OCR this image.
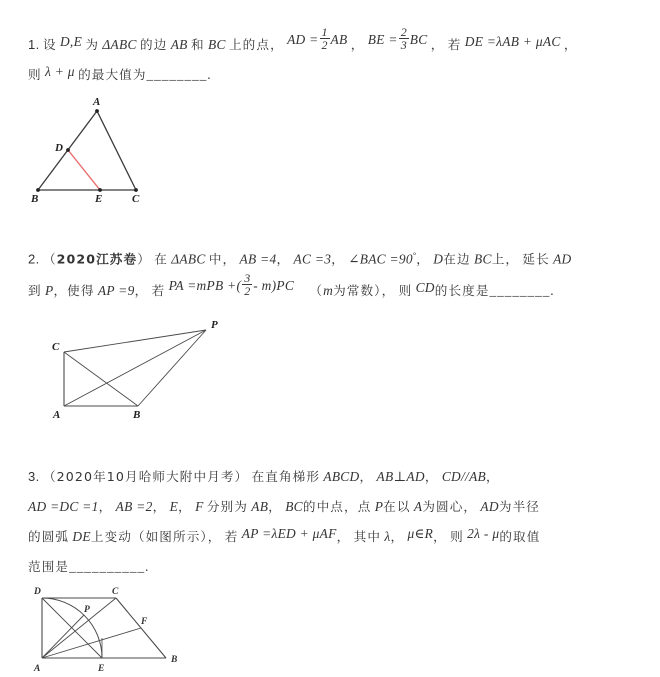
1. 设 D,E 为 ΔABC 的边 AB 和 BC 上的点， AD = $\frac{1}{2}$ AB ， BE = $\frac{2}{3}$ BC ， 若 DE =λAB + μAC ，
则 λ + μ 的最大值为________.
A
B	C
D
E
2. （2020江苏卷） 在 ΔABC 中， AB =4， AC =3， ∠BAC =90°， D在边 BC上， 延长 AD
到 P，使得 AP =9， 若 PA =mPB +( $\frac{3}{2} - m)PC$ （m为常数）， 则 CD的长度是________.
C
A	B
P
3. （2020年10月哈师大附中月考） 在直角梯形 ABCD， AB⊥AD， CD//AB，
AD =DC =1， AB =2， E， F 分别为 AB， BC的中点，点 P在以 A为圆心， AD为半径
的圆弧 DE上变动（如图所示）， 若 AP =λED + μAF， 其中 λ， μ∈R， 则 2λ - μ的取值
范围是__________.
D	C
A	E
B
F
P
